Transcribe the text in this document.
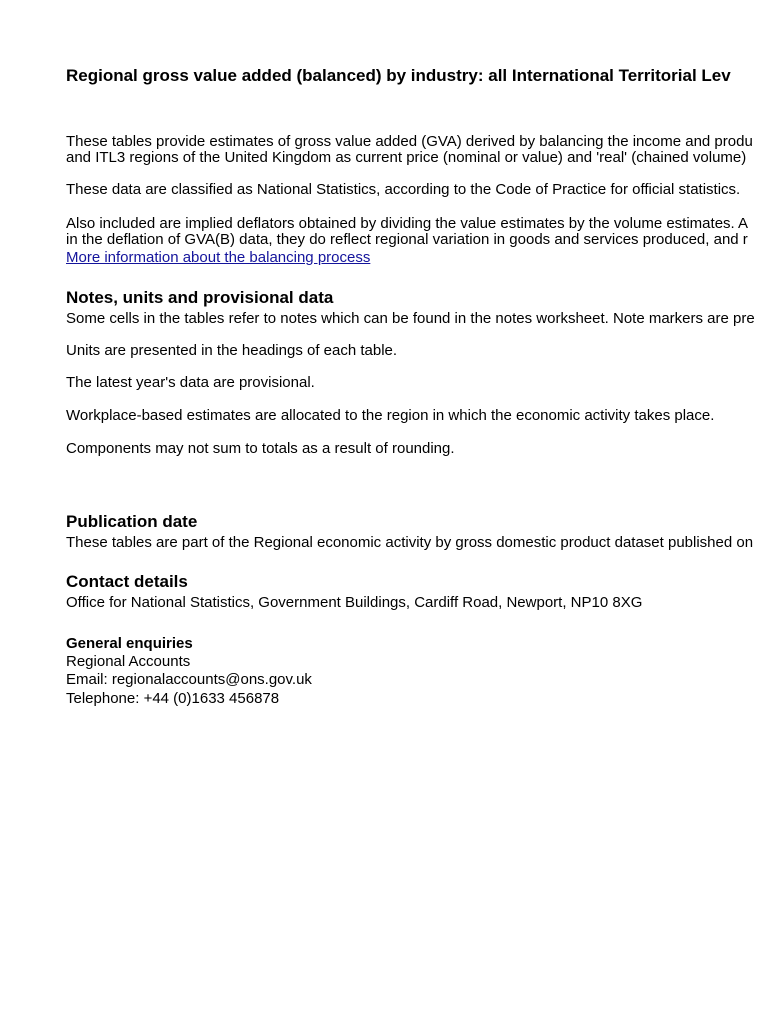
Regional gross value added (balanced) by industry: all International Territorial Lev
These tables provide estimates of gross value added (GVA) derived by balancing the income and produ
and ITL3 regions of the United Kingdom as current price (nominal or value) and 'real' (chained volume)
These data are classified as National Statistics, according to the Code of Practice for official statistics.
Also included are implied deflators obtained by dividing the value estimates by the volume estimates. A
in the deflation of GVA(B) data, they do reflect regional variation in goods and services produced, and r
More information about the balancing process
Notes, units and provisional data
Some cells in the tables refer to notes which can be found in the notes worksheet. Note markers are pre
Units are presented in the headings of each table.
The latest year's data are provisional.
Workplace-based estimates are allocated to the region in which the economic activity takes place.
Components may not sum to totals as a result of rounding.
Publication date
These tables are part of the Regional economic activity by gross domestic product dataset published on
Contact details
Office for National Statistics, Government Buildings, Cardiff Road, Newport, NP10 8XG
General enquiries
Regional Accounts
Email: regionalaccounts@ons.gov.uk
Telephone: +44 (0)1633 456878
